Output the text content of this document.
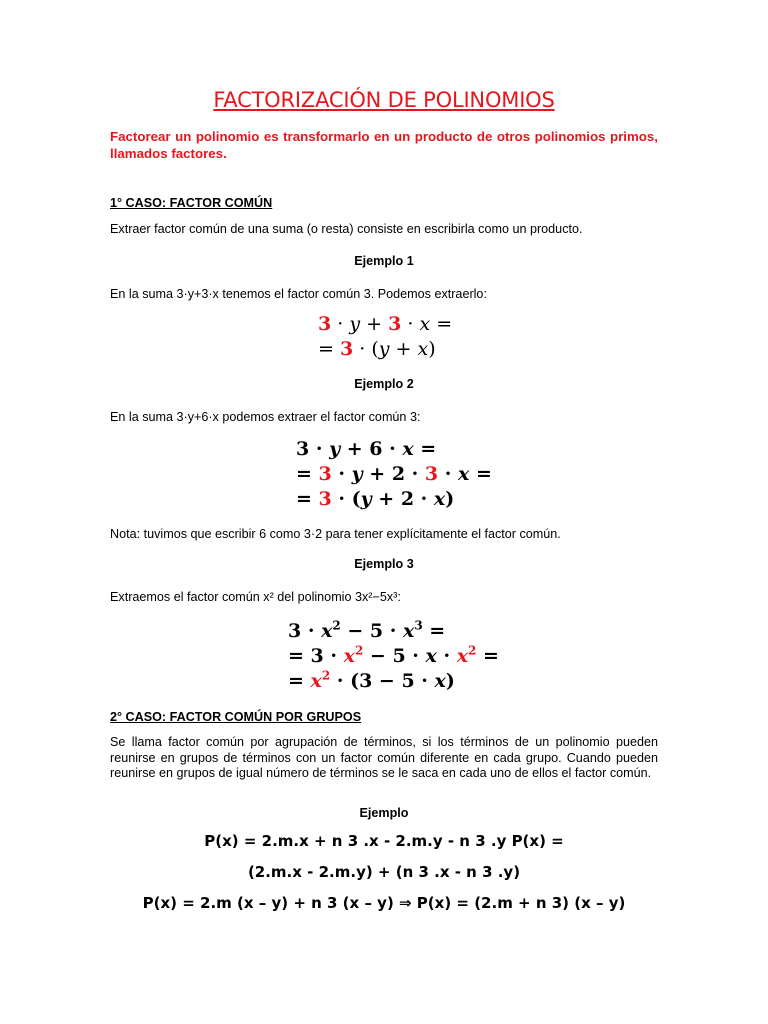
FACTORIZACIÓN DE POLINOMIOS
Factorear un polinomio es transformarlo en un producto de otros polinomios primos, llamados factores.
1° CASO: FACTOR COMÚN
Extraer factor común de una suma (o resta) consiste en escribirla como un producto.
Ejemplo 1
En la suma 3·y+3·x tenemos el factor común 3. Podemos extraerlo:
3 · y + 3 · x =
= 3 · (y + x)
Ejemplo 2
En la suma 3·y+6·x podemos extraer el factor común 3:
3 · y + 6 · x =
= 3 · y + 2 · 3 · x =
= 3 · (y + 2 · x)
Nota: tuvimos que escribir 6 como 3·2 para tener explícitamente el factor común.
Ejemplo 3
Extraemos el factor común x² del polinomio 3x²−5x³:
$3 \cdot x^2 - 5 \cdot x^3$ =
= $3 \cdot x^2 - 5 \cdot x \cdot x^2$ =
= $x^2 \cdot (3 - 5 \cdot x)$
2° CASO: FACTOR COMÚN POR GRUPOS
Se llama factor común por agrupación de términos, si los términos de un polinomio pueden reunirse en grupos de términos con un factor común diferente en cada grupo. Cuando pueden reunirse en grupos de igual número de términos se le saca en cada uno de ellos el factor común.
Ejemplo
P(x) = 2.m.x + n 3 .x - 2.m.y - n 3 .y P(x) =
(2.m.x - 2.m.y) + (n 3 .x - n 3 .y)
P(x) = 2.m (x – y) + n 3 (x – y) ⇒ P(x) = (2.m + n 3) (x – y)
